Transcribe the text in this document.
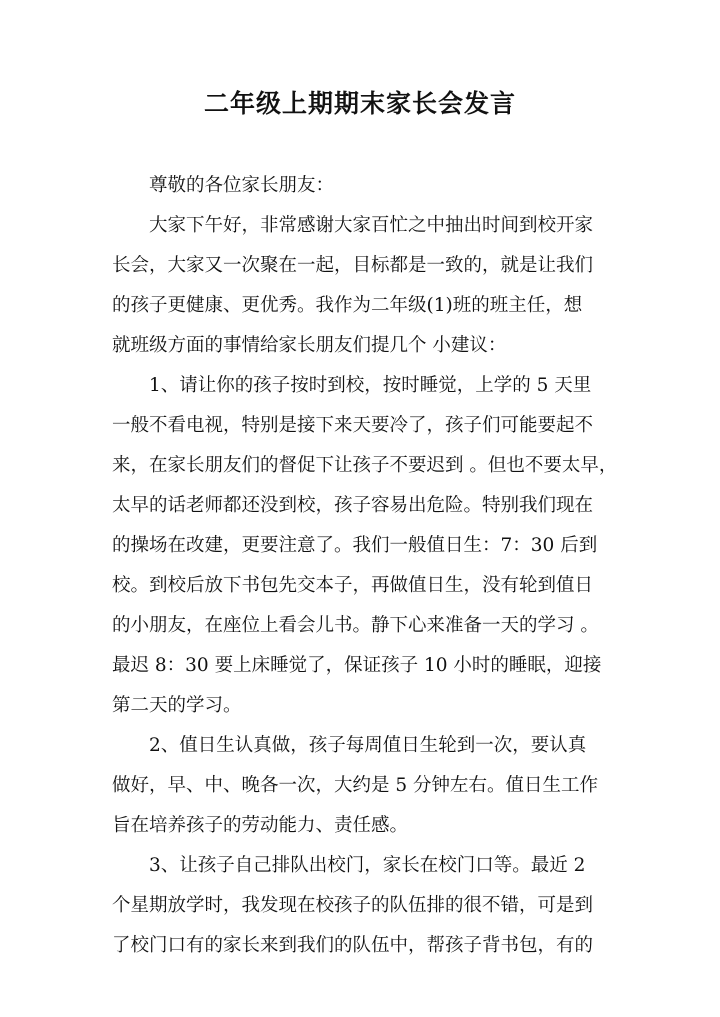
二年级上期期末家长会发言
尊敬的各位家长朋友：
大家下午好，非常感谢大家百忙之中抽出时间到校开家
长会，大家又一次聚在一起，目标都是一致的，就是让我们
的孩子更健康、更优秀。我作为二年级(1)班的班主任，想
就班级方面的事情给家长朋友们提几个 小建议：
1、请让你的孩子按时到校，按时睡觉，上学的 5 天里
一般不看电视，特别是接下来天要冷了，孩子们可能要起不
来，在家长朋友们的督促下让孩子不要迟到 。但也不要太早，
太早的话老师都还没到校，孩子容易出危险。特别我们现在
的操场在改建，更要注意了。我们一般值日生：7：30 后到
校。到校后放下书包先交本子，再做值日生，没有轮到值日
的小朋友，在座位上看会儿书。静下心来准备一天的学习 。
最迟 8：30 要上床睡觉了，保证孩子 10 小时的睡眠，迎接
第二天的学习。
2、值日生认真做，孩子每周值日生轮到一次，要认真
做好，早、中、晚各一次，大约是 5 分钟左右。值日生工作
旨在培养孩子的劳动能力、责任感。
3、让孩子自己排队出校门，家长在校门口等。最近 2
个星期放学时，我发现在校孩子的队伍排的很不错，可是到
了校门口有的家长来到我们的队伍中，帮孩子背书包，有的
